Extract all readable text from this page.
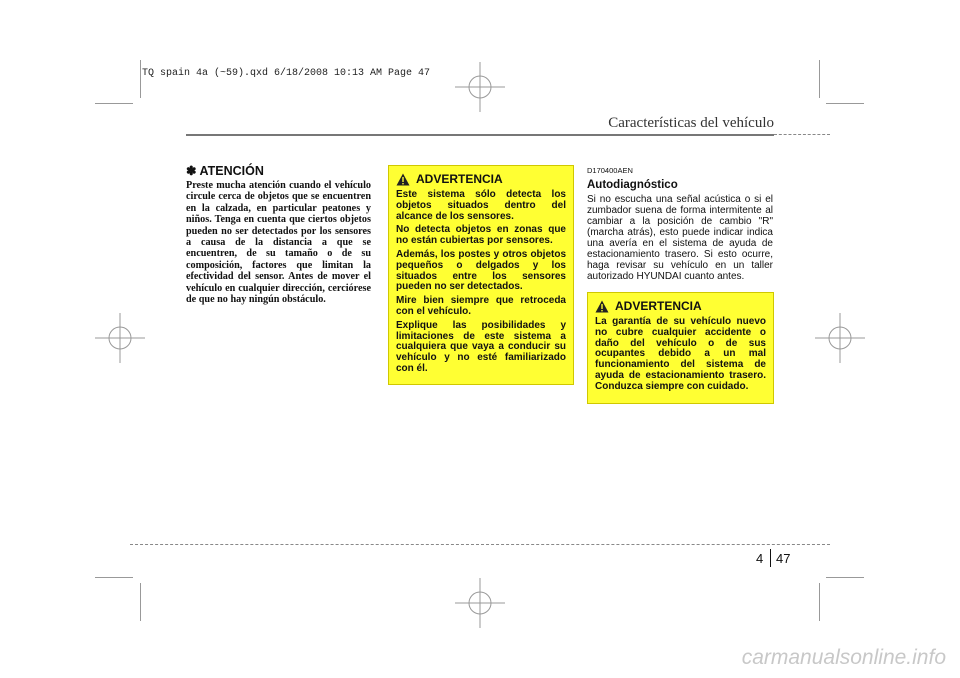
TQ spain 4a (~59).qxd 6/18/2008 10:13 AM Page 47
Características del vehículo
✽ ATENCIÓN
Preste mucha atención cuando el vehículo circule cerca de objetos que se encuentren en la calzada, en particular peatones y niños. Tenga en cuenta que ciertos objetos pueden no ser detectados por los sensores a causa de la distancia a que se encuentren, de su tamaño o de su composición, factores que limitan la efectividad del sensor. Antes de mover el vehículo en cualquier dirección, cerciórese de que no hay ningún obstáculo.
ADVERTENCIA

Este sistema sólo detecta los objetos situados dentro del alcance de los sensores.

No detecta objetos en zonas que no están cubiertas por sensores.

Además, los postes y otros objetos pequeños o delgados y los situados entre los sensores pueden no ser detectados.

Mire bien siempre que retroceda con el vehículo.

Explique las posibilidades y limitaciones de este sistema a cualquiera que vaya a conducir su vehículo y no esté familiarizado con él.

D170400AEN
Autodiagnóstico
Si no escucha una señal acústica o si el zumbador suena de forma intermitente al cambiar a la posición de cambio "R" (marcha atrás), esto puede indicar indica una avería en el sistema de ayuda de estacionamiento trasero. Si esto ocurre, haga revisar su vehículo en un taller autorizado HYUNDAI cuanto antes.
ADVERTENCIA

La garantía de su vehículo nuevo no cubre cualquier accidente o daño del vehículo o de sus ocupantes debido a un mal funcionamiento del sistema de ayuda de estacionamiento trasero. Conduzca siempre con cuidado.

4 47
carmanualsonline.info
